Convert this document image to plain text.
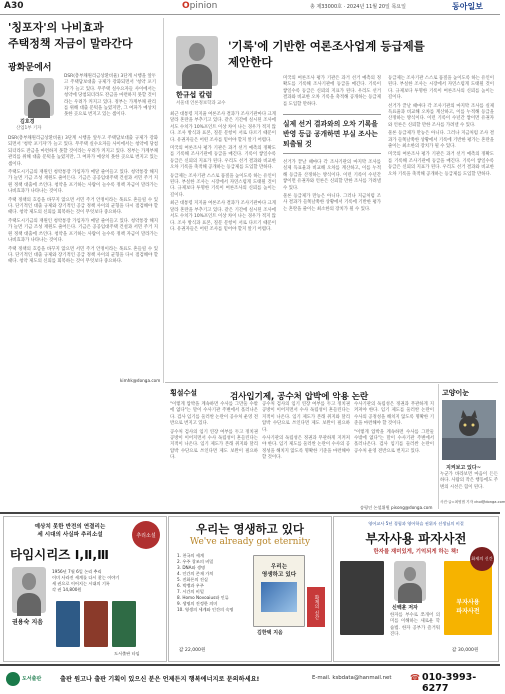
A30	Opinion	총 제33000호 · 2024년 11월 20일 목요일	동아일보
'칭포자'의 나비효과
주택정책 자금이 말라간다
광화문에서
김호경
산업1부 기자

DSR(총부채원리금상환비율) 3단계 시행을 앞두고 주택담보대출 규제가 강화되면서 '청약 포기자'가 늘고 있다. 무주택 실수요자들 사이에서는 청약에 당첨되더라도 잔금을 마련하지 못할 것이라는 우려가 커지고 있다. 정부는 가계부채 관리를 위해 대출 문턱을 높였지만, 그 여파가 예상치 못한 곳으로 번지고 있는 셈이다.

DSR(총부채원리금상환비율) 3단계 시행을 앞두고 주택담보대출 규제가 강화되면서 '청약 포기자'가 늘고 있다. 무주택 실수요자들 사이에서는 청약에 당첨되더라도 잔금을 마련하지 못할 것이라는 우려가 커지고 있다. 정부는 가계부채 관리를 위해 대출 문턱을 높였지만, 그 여파가 예상치 못한 곳으로 번지고 있는 셈이다.

주택도시기금의 재원인 청약통장 가입자가 매달 줄어들고 있다. 청약통장 해지가 늘면 기금 조성 재원도 줄어든다. 기금은 공공임대주택 건설과 서민 주거 지원 정책 대출에 쓰인다. 청약을 포기하는 사람이 늘수록 정책 자금이 말라가는 나비효과가 나타나는 것이다.

주택 정책의 흐름을 바꾸지 않으면 서민 주거 안정이라는 목표도 흔들릴 수 있다. 단기적인 대출 규제와 장기적인 공급 정책 사이의 균형을 다시 점검해야 할 때다. 청약 제도의 신뢰를 회복하는 것이 무엇보다 중요하다.

주택도시기금의 재원인 청약통장 가입자가 매달 줄어들고 있다. 청약통장 해지가 늘면 기금 조성 재원도 줄어든다. 기금은 공공임대주택 건설과 서민 주거 지원 정책 대출에 쓰인다. 청약을 포기하는 사람이 늘수록 정책 자금이 말라가는 나비효과가 나타나는 것이다.

주택 정책의 흐름을 바꾸지 않으면 서민 주거 안정이라는 목표도 흔들릴 수 있다. 단기적인 대출 규제와 장기적인 공급 정책 사이의 균형을 다시 점검해야 할 때다. 청약 제도의 신뢰를 회복하는 것이 무엇보다 중요하다.

kimhk@donga.com
'기록'에 기반한 여론조사업계 등급제를 제안한다
한규섭 칼럼
서울대 언론정보학과 교수

최근 대통령 지지율 여론조사 결과가 조사기관마다 크게 달라 혼란을 부추기고 있다. 같은 기간에 실시된 조사에서도 수치가 10%포인트 이상 차이 나는 경우가 적지 않다. 조사 방식과 표본, 질문 문항이 서로 다르기 때문이다. 유권자들은 어떤 조사를 믿어야 할지 알기 어렵다.

미국의 여론조사 평가 기관은 과거 선거 예측의 정확도를 기록해 조사기관에 등급을 매긴다. 기록이 쌓일수록 등급은 신뢰의 지표가 된다. 우리도 선거 결과와 비교한 오차 기록을 축적해 공개하는 등급제를 도입할 만하다.

등급제는 조사기관 스스로 품질을 높이도록 하는 유인이 된다. 부실한 조사는 시장에서 자연스럽게 도태될 것이다. 규제보다 투명한 기록이 여론조사의 신뢰를 높이는 길이다.

최근 대통령 지지율 여론조사 결과가 조사기관마다 크게 달라 혼란을 부추기고 있다. 같은 기간에 실시된 조사에서도 수치가 10%포인트 이상 차이 나는 경우가 적지 않다. 조사 방식과 표본, 질문 문항이 서로 다르기 때문이다. 유권자들은 어떤 조사를 믿어야 할지 알기 어렵다.

미국의 여론조사 평가 기관은 과거 선거 예측의 정확도를 기록해 조사기관에 등급을 매긴다. 기록이 쌓일수록 등급은 신뢰의 지표가 된다. 우리도 선거 결과와 비교한 오차 기록을 축적해 공개하는 등급제를 도입할 만하다.

실제 선거 결과와의 오차 기록을 반영 등급 공개하면 부실 조사는 퇴출될 것

선거가 끝날 때마다 각 조사기관의 마지막 조사를 실제 득표율과 비교해 오차를 계산하고, 이를 누적해 등급을 산정하는 방식이다. 이런 기록이 수년간 쌓이면 유권자와 언론은 신뢰할 만한 조사를 가려낼 수 있다.

물론 등급제가 만능은 아니다. 그러나 지금처럼 조사 결과가 들쭉날쭉한 상황에서 기록에 기반한 평가는 혼란을 줄이는 최소한의 장치가 될 수 있다.

등급제는 조사기관 스스로 품질을 높이도록 하는 유인이 된다. 부실한 조사는 시장에서 자연스럽게 도태될 것이다. 규제보다 투명한 기록이 여론조사의 신뢰를 높이는 길이다.

선거가 끝날 때마다 각 조사기관의 마지막 조사를 실제 득표율과 비교해 오차를 계산하고, 이를 누적해 등급을 산정하는 방식이다. 이런 기록이 수년간 쌓이면 유권자와 언론은 신뢰할 만한 조사를 가려낼 수 있다.

물론 등급제가 만능은 아니다. 그러나 지금처럼 조사 결과가 들쭉날쭉한 상황에서 기록에 기반한 평가는 혼란을 줄이는 최소한의 장치가 될 수 있다.

미국의 여론조사 평가 기관은 과거 선거 예측의 정확도를 기록해 조사기관에 등급을 매긴다. 기록이 쌓일수록 등급은 신뢰의 지표가 된다. 우리도 선거 결과와 비교한 오차 기록을 축적해 공개하는 등급제를 도입할 만하다.

횡설수설	검사입기제, 공수처 압박에 악용 논란

"이렇게 압박을 계속하면 수사를 그만둘 수밖에 없다"는 말이 수사기관 주변에서 흘러나온다. 검사 임기를 둘러싼 논란이 공수처 운영 전반으로 번지고 있다.

공수처 검사의 임기 연장 여부를 두고 정치권 공방이 이어지면서 수사 독립성이 흔들린다는 지적이 나온다. 임기 제도가 본래 취지와 달리 압박 수단으로 쓰인다면 제도 보완이 필요하다.

공수처 검사의 임기 연장 여부를 두고 정치권 공방이 이어지면서 수사 독립성이 흔들린다는 지적이 나온다. 임기 제도가 본래 취지와 달리 압박 수단으로 쓰인다면 제도 보완이 필요하다.

수사기관의 독립성은 정권과 무관하게 지켜져야 한다. 임기 제도를 둘러싼 논란이 수사의 공정성을 해치지 않도록 명확한 기준을 마련해야 할 것이다.

수사기관의 독립성은 정권과 무관하게 지켜져야 한다. 임기 제도를 둘러싼 논란이 수사의 공정성을 해치지 않도록 명확한 기준을 마련해야 할 것이다.

"이렇게 압박을 계속하면 수사를 그만둘 수밖에 없다"는 말이 수사기관 주변에서 흘러나온다. 검사 임기를 둘러싼 논란이 공수처 운영 전반으로 번지고 있다.

송평인 논설위원 pisong@donga.com
고양이눈
지켜보고 있다~
누군가 바라보면 마음이 든든하다. 사람의 작은 행동에도 주변의 시선은 힘이 된다.
사진·글=최영범 기자 choi@donga.com
예상치 못한 반전의 연결리는
세 시대의 사실파 추리소설	추리소설
타임시리즈 Ⅰ,Ⅱ,Ⅲ
권용숙 지음
1956년 7월 6일 논리 추리
이미 사라진 세계를 다시 찾는 이야기
세 권으로 이어지는 시대의 기록
각 권 14,800원
도서출판 타임
우리는 영생하고 있다
We've already got eternity
1. 천국의 세계
2. 우주 창조의 비밀
3. DNA와 생명
4. 인간의 존재 가치
5. 진화론의 진실
6. 빅뱅과 우주
7. 시간의 비밀
8. Homo Novoaius와 인류
9. 생명의 진정한 의미
10. 영생의 세계와 인간의 숙명
우리는
영생하고 있다
화제의 신간
김한택 지음
값 22,000원
영어교사 5년 경험과 영어학습 권위자 선생님의 비결
부자사용 파자사전
한자를 재미있게, 기억되게 하는 책!
신백훈 저자
한자를 부수로 쪼개어 의미를 이해하는 새로운 학습법. 한자 공부가 즐거워진다.
부자사용
파자사전
화제의 신간
값 30,000원
도서출판	출판 원고나 출판 기획이 있으신 분은 언제든지 행복에너지로 문의하세요!	E-mail. ksbdata@hanmail.net ☎ 010-3993-6277
